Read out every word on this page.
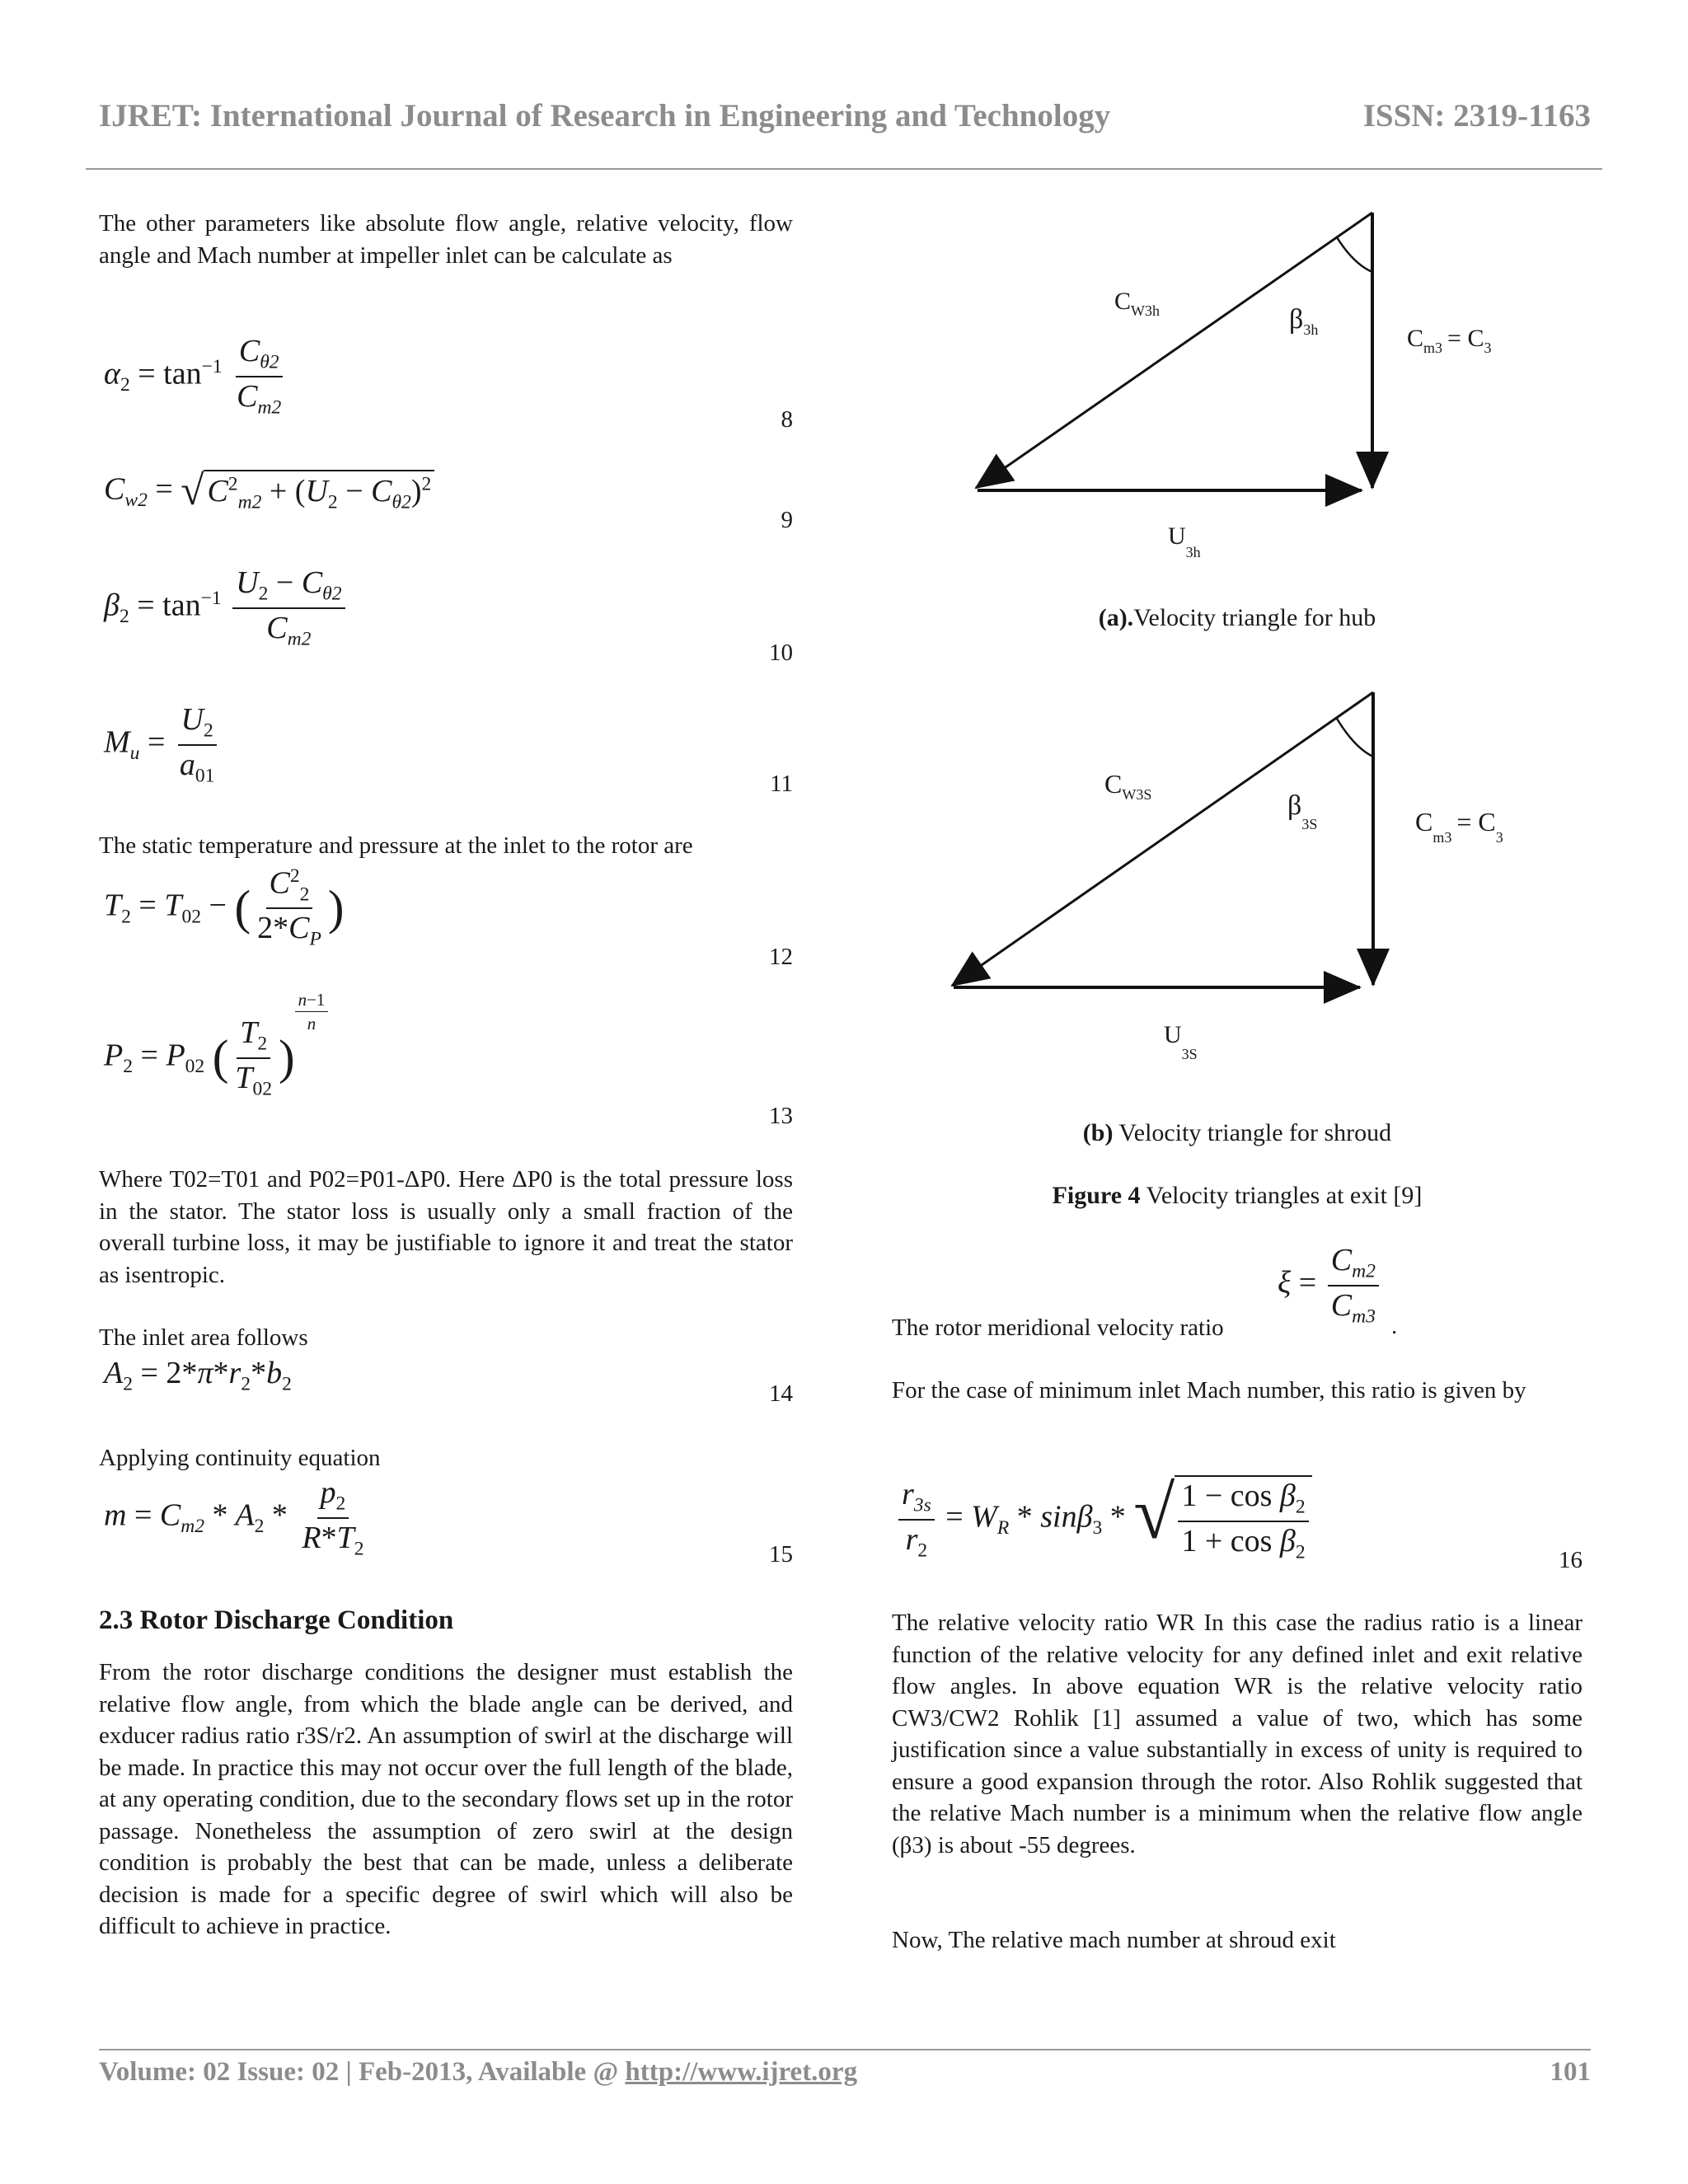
IJRET: International Journal of Research in Engineering and Technology	ISSN: 2319-1163
The other parameters like absolute flow angle, relative velocity, flow angle and Mach number at impeller inlet can be calculate as
$\alpha_2 = \tan^{-1} \frac{C_{\theta 2}}{C_{m2}}$
8
$C_{w2}$ = √ $C^2_{m2} + (U_2 - C_{\theta 2})^2$
9
$\beta_2 = \tan^{-1} \frac{U_2 - C_{\theta 2}}{C_{m2}}$
10
$M_u = \frac{U_2}{a_{01}}$	11
The static temperature and pressure at the inlet to the rotor are
$T_2 = T_{02}$ − ( $\frac{C^2_2}{2*C_P}$ )
12
$P_2 = P_{02}$ ( $\frac{T_2}{T_{02}}$ )
$^{\frac{n-1}{n}}$
13
Where T02=T01 and P02=P01-ΔP0. Here ΔP0 is the total pressure loss in the stator. The stator loss is usually only a small fraction of the overall turbine loss, it may be justifiable to ignore it and treat the stator as isentropic.
The inlet area follows
$A_2 = 2*\pi*r_2*b_2$	14
Applying continuity equation
$m = C_{m2} * A_2 * \frac{p_2}{R*T_2}$	15
2.3 Rotor Discharge Condition
From the rotor discharge conditions the designer must establish the relative flow angle, from which the blade angle can be derived, and exducer radius ratio r3S/r2. An assumption of swirl at the discharge will be made. In practice this may not occur over the full length of the blade, at any operating condition, due to the secondary flows set up in the rotor passage. Nonetheless the assumption of zero swirl at the design condition is probably the best that can be made, unless a deliberate decision is made for a specific degree of swirl which will also be difficult to achieve in practice.
$C_{W3h}$	$\beta_{3h}$	$C_{m3} = C_3$
$U_{3h}$
(a).Velocity triangle for hub
$C_{W3S}$	$\beta_{3S}$	$C_{m3}= C_3$
$U_{3S}$
(b) Velocity triangle for shroud
Figure 4 Velocity triangles at exit [9]
$\xi = \frac{C_{m2}}{C_{m3}}$
The rotor meridional velocity ratio	.
For the case of minimum inlet Mach number, this ratio is given by
$\frac{r_{3s}}{r_2} = W_R * \sin\beta_3$ * √ $\frac{1 - \cos \beta_2}{1 + \cos \beta_2}$	16
The relative velocity ratio WR In this case the radius ratio is a linear function of the relative velocity for any defined inlet and exit relative flow angles. In above equation WR is the relative velocity ratio CW3/CW2 Rohlik [1] assumed a value of two, which has some justification since a value substantially in excess of unity is required to ensure a good expansion through the rotor. Also Rohlik suggested that the relative Mach number is a minimum when the relative flow angle (β3) is about -55 degrees.
Now, The relative mach number at shroud exit
Volume: 02 Issue: 02 | Feb-2013, Available @ http://www.ijret.org	101
